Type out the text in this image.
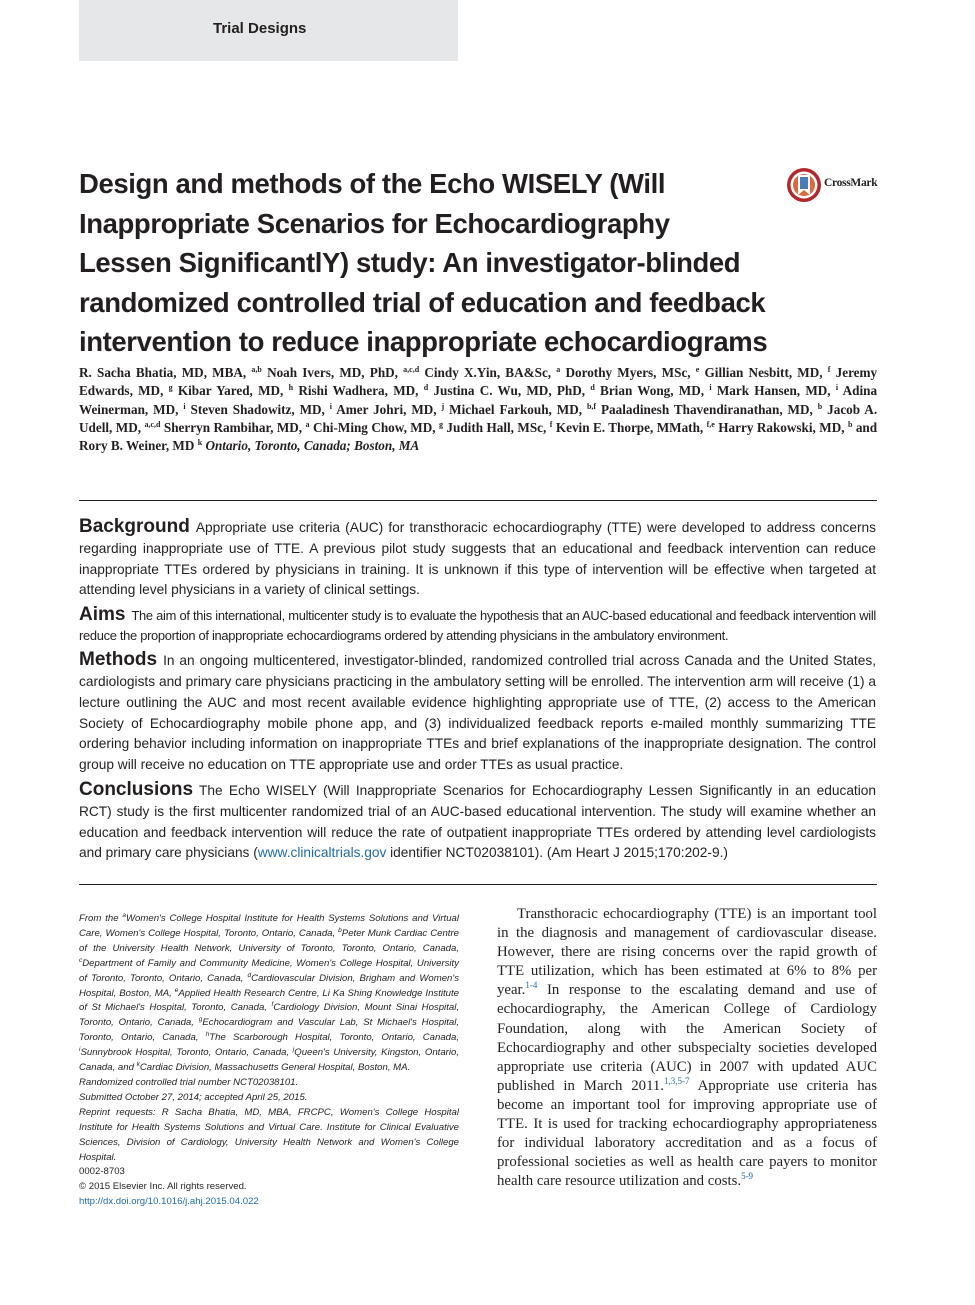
Trial Designs
Design and methods of the Echo WISELY (Will Inappropriate Scenarios for Echocardiography Lessen SignificantlY) study: An investigator-blinded randomized controlled trial of education and feedback intervention to reduce inappropriate echocardiograms
CrossMark
R. Sacha Bhatia, MD, MBA, $^{a,b}$ Noah Ivers, MD, PhD, $^{a,c,d}$ Cindy X.Yin, BA&Sc, $^a$ Dorothy Myers, MSc, $^e$ Gillian Nesbitt, MD, $^f$ Jeremy Edwards, MD, $^g$ Kibar Yared, MD, $^h$ Rishi Wadhera, MD, $^d$ Justina C. Wu, MD, PhD, $^d$ Brian Wong, MD, $^i$ Mark Hansen, MD, $^i$ Adina Weinerman, MD, $^i$ Steven Shadowitz, MD, $^i$ Amer Johri, MD, $^j$ Michael Farkouh, MD, $^{b,f}$ Paaladinesh Thavendiranathan, MD, $^b$ Jacob A. Udell, MD, $^{a,c,d}$ Sherryn Rambihar, MD, $^a$ Chi-Ming Chow, MD, $^g$ Judith Hall, MSc, $^f$ Kevin E. Thorpe, MMath, $^{f,e}$ Harry Rakowski, MD, $^b$ and Rory B. Weiner, MD $^k$ Ontario, Toronto, Canada; Boston, MA

Background Appropriate use criteria (AUC) for transthoracic echocardiography (TTE) were developed to address concerns regarding inappropriate use of TTE. A previous pilot study suggests that an educational and feedback intervention can reduce inappropriate TTEs ordered by physicians in training. It is unknown if this type of intervention will be effective when targeted at attending level physicians in a variety of clinical settings.

Aims The aim of this international, multicenter study is to evaluate the hypothesis that an AUC-based educational and feedback intervention will reduce the proportion of inappropriate echocardiograms ordered by attending physicians in the ambulatory environment.

Methods In an ongoing multicentered, investigator-blinded, randomized controlled trial across Canada and the United States, cardiologists and primary care physicians practicing in the ambulatory setting will be enrolled. The intervention arm will receive (1) a lecture outlining the AUC and most recent available evidence highlighting appropriate use of TTE, (2) access to the American Society of Echocardiography mobile phone app, and (3) individualized feedback reports e-mailed monthly summarizing TTE ordering behavior including information on inappropriate TTEs and brief explanations of the inappropriate designation. The control group will receive no education on TTE appropriate use and order TTEs as usual practice.

Conclusions The Echo WISELY (Will Inappropriate Scenarios for Echocardiography Lessen Significantly in an education RCT) study is the first multicenter randomized trial of an AUC-based educational intervention. The study will examine whether an education and feedback intervention will reduce the rate of outpatient inappropriate TTEs ordered by attending level cardiologists and primary care physicians (www.clinicaltrials.gov identifier NCT02038101). (Am Heart J 2015;170:202-9.)

From the $^a$Women's College Hospital Institute for Health Systems Solutions and Virtual Care, Women's College Hospital, Toronto, Ontario, Canada, $^b$Peter Munk Cardiac Centre of the University Health Network, University of Toronto, Toronto, Ontario, Canada, $^c$Department of Family and Community Medicine, Women's College Hospital, University of Toronto, Toronto, Ontario, Canada, $^d$Cardiovascular Division, Brigham and Women's Hospital, Boston, MA, $^e$Applied Health Research Centre, Li Ka Shing Knowledge Institute of St Michael's Hospital, Toronto, Canada, $^f$Cardiology Division, Mount Sinai Hospital, Toronto, Ontario, Canada, $^g$Echocardiogram and Vascular Lab, St Michael's Hospital, Toronto, Ontario, Canada, $^h$The Scarborough Hospital, Toronto, Ontario, Canada, $^i$Sunnybrook Hospital, Toronto, Ontario, Canada, $^j$Queen's University, Kingston, Ontario, Canada, and $^k$Cardiac Division, Massachusetts General Hospital, Boston, MA.

Randomized controlled trial number NCT02038101.

Submitted October 27, 2014; accepted April 25, 2015.

Reprint requests: R Sacha Bhatia, MD, MBA, FRCPC, Women's College Hospital Institute for Health Systems Solutions and Virtual Care. Institute for Clinical Evaluative Sciences, Division of Cardiology, University Health Network and Women's College Hospital.

0002-8703

© 2015 Elsevier Inc. All rights reserved.

http://dx.doi.org/10.1016/j.ahj.2015.04.022

Transthoracic echocardiography (TTE) is an important tool in the diagnosis and management of cardiovascular disease. However, there are rising concerns over the rapid growth of TTE utilization, which has been estimated at 6% to 8% per year.$^{1-4}$ In response to the escalating demand and use of echocardiography, the American College of Cardiology Foundation, along with the American Society of Echocardiography and other subspecialty societies developed appropriate use criteria (AUC) in 2007 with updated AUC published in March 2011.$^{1,3,5-7}$ Appropriate use criteria has become an important tool for improving appropriate use of TTE. It is used for tracking echocardiography appropriateness for individual laboratory accreditation and as a focus of professional societies as well as health care payers to monitor health care resource utilization and costs.$^{5-9}$
